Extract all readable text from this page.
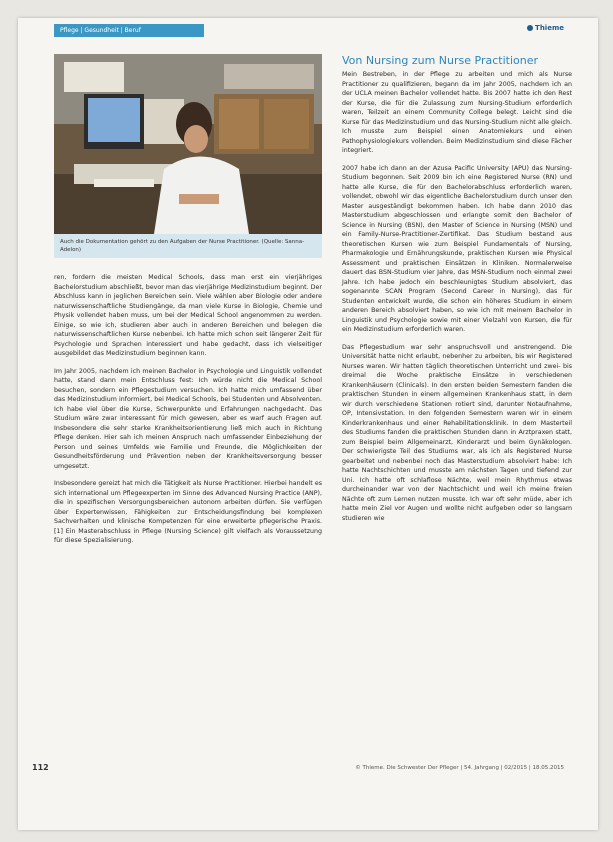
Pflege | Gesundheit | Beruf	Thieme
Auch die Dokumentation gehört zu den Aufgaben der Nurse Practitioner. (Quelle: Sanna-Adelon)

ren, fordern die meisten Medical Schools, dass man erst ein vierjähriges Bachelorstudium abschließt, bevor man das vierjährige Medizinstudium beginnt. Der Abschluss kann in jeglichen Bereichen sein. Viele wählen aber Biologie oder andere naturwissenschaftliche Studiengänge, da man viele Kurse in Biologie, Chemie und Physik vollendet haben muss, um bei der Medical School angenommen zu werden. Einige, so wie ich, studieren aber auch in anderen Bereichen und belegen die naturwissenschaftlichen Kurse nebenbei. Ich hatte mich schon seit längerer Zeit für Psychologie und Sprachen interessiert und habe gedacht, dass ich vielseitiger ausgebildet das Medizinstudium beginnen kann.

Im Jahr 2005, nachdem ich meinen Bachelor in Psychologie und Linguistik vollendet hatte, stand dann mein Entschluss fest: Ich würde nicht die Medical School besuchen, sondern ein Pflegestudium versuchen. Ich hatte mich umfassend über das Medizinstudium informiert, bei Medical Schools, bei Studenten und Absolventen. Ich habe viel über die Kurse, Schwerpunkte und Erfahrungen nachgedacht. Das Studium wäre zwar interessant für mich gewesen, aber es warf auch Fragen auf. Insbesondere die sehr starke Krankheitsorientierung ließ mich auch in Richtung Pflege denken. Hier sah ich meinen Anspruch nach umfassender Einbeziehung der Person und seines Umfelds wie Familie und Freunde, die Möglichkeiten der Gesundheitsförderung und Prävention neben der Krankheitsversorgung besser umgesetzt.

Insbesondere gereizt hat mich die Tätigkeit als Nurse Practitioner. Hierbei handelt es sich international um Pflegeexperten im Sinne des Advanced Nursing Practice (ANP), die in spezifischen Versorgungsbereichen autonom arbeiten dürfen. Sie verfügen über Expertenwissen, Fähigkeiten zur Entscheidungsfindung bei komplexen Sachverhalten und klinische Kompetenzen für eine erweiterte pflegerische Praxis. [1] Ein Masterabschluss in Pflege (Nursing Science) gilt vielfach als Voraussetzung für diese Spezialisierung.

Von Nursing zum Nurse Practitioner

Mein Bestreben, in der Pflege zu arbeiten und mich als Nurse Practitioner zu qualifizieren, begann da im Jahr 2005, nachdem ich an der UCLA meinen Bachelor vollendet hatte. Bis 2007 hatte ich den Rest der Kurse, die für die Zulassung zum Nursing-Studium erforderlich waren, Teilzeit an einem Community College belegt. Leicht sind die Kurse für das Medizinstudium und das Nursing-Studium nicht alle gleich. Ich musste zum Beispiel einen Anatomiekurs und einen Pathophysiologiekurs vollenden. Beim Medizinstudium sind diese Fächer integriert.

2007 habe ich dann an der Azusa Pacific University (APU) das Nursing-Studium begonnen. Seit 2009 bin ich eine Registered Nurse (RN) und hatte alle Kurse, die für den Bachelorabschluss erforderlich waren, vollendet, obwohl wir das eigentliche Bachelorstudium durch unser den Master ausgeständigt bekommen haben. Ich habe dann 2010 das Masterstudium abgeschlossen und erlangte somit den Bachelor of Science in Nursing (BSN), den Master of Science in Nursing (MSN) und ein Family-Nurse-Practitioner-Zertifikat. Das Studium bestand aus theoretischen Kursen wie zum Beispiel Fundamentals of Nursing, Pharmakologie und Ernährungskunde, praktischen Kursen wie Physical Assessment und praktischen Einsätzen in Kliniken. Normalerweise dauert das BSN-Studium vier Jahre, das MSN-Studium noch einmal zwei Jahre. Ich habe jedoch ein beschleunigtes Studium absolviert, das sogenannte SCAN Program (Second Career in Nursing), das für Studenten entwickelt wurde, die schon ein höheres Studium in einem anderen Bereich absolviert haben, so wie ich mit meinem Bachelor in Linguistik und Psychologie sowie mit einer Vielzahl von Kursen, die für ein Medizinstudium erforderlich waren.

Das Pflegestudium war sehr anspruchsvoll und anstrengend. Die Universität hatte nicht erlaubt, nebenher zu arbeiten, bis wir Registered Nurses waren. Wir hatten täglich theoretischen Unterricht und zwei- bis dreimal die Woche praktische Einsätze in verschiedenen Krankenhäusern (Clinicals). In den ersten beiden Semestern fanden die praktischen Stunden in einem allgemeinen Krankenhaus statt, in dem wir durch verschiedene Stationen rotiert sind, darunter Notaufnahme, OP, Intensivstation. In den folgenden Semestern waren wir in einem Kinderkrankenhaus und einer Rehabilitationsklinik. In dem Masterteil des Studiums fanden die praktischen Stunden dann in Arztpraxen statt, zum Beispiel beim Allgemeinarzt, Kinderarzt und beim Gynäkologen. Der schwierigste Teil des Studiums war, als ich als Registered Nurse gearbeitet und nebenbei noch das Masterstudium absolviert habe: Ich hatte Nachtschichten und musste am nächsten Tagen und tiefend zur Uni. Ich hatte oft schlaflose Nächte, weil mein Rhythmus etwas durcheinander war von der Nachtschicht und weil ich meine freien Nächte oft zum Lernen nutzen musste. Ich war oft sehr müde, aber ich hatte mein Ziel vor Augen und wollte nicht aufgeben oder so langsam studieren wie

112	© Thieme. Die Schwester Der Pfleger | 54. Jahrgang | 02/2015 | 18.05.2015
